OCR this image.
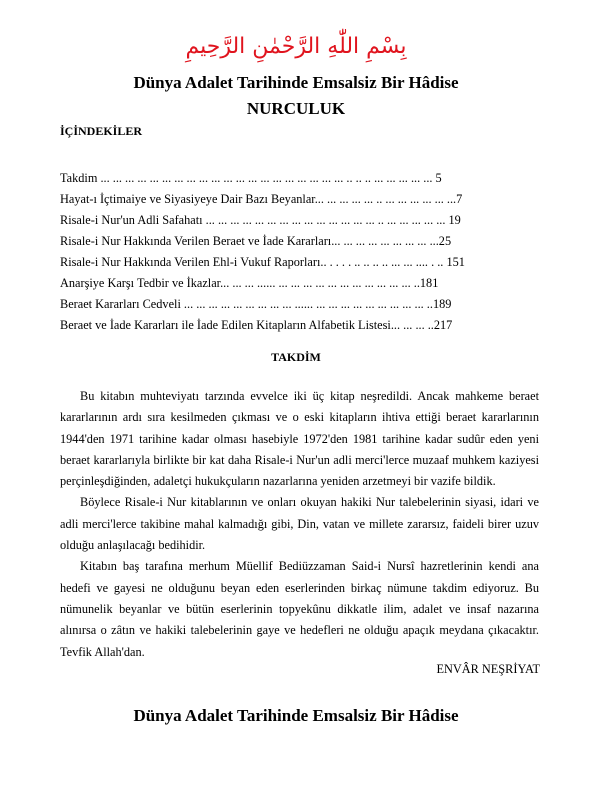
بِسْمِ اللّٰهِ الرَّحْمٰنِ الرَّحِيمِ
Dünya Adalet Tarihinde Emsalsiz Bir Hâdise
NURCULUK
İÇİNDEKİLER
Takdim ... ... ... ... ... ... ... ... ... ... ... ... ... ... ... ... ... ... ... ... .. .. .. ... ... ... ... ... 5
Hayat-ı İçtimaiye ve Siyasiyeye Dair Bazı Beyanlar... ... ... ... ... .. ... ... ... ... ... ...7
Risale-i Nur'un Adli Safahatı ... ... ... ... ... ... ... ... ... ... ... ... ... ... .. ... ... ... ... ... 19
Risale-i Nur Hakkında Verilen Beraet ve İade Kararları... ... ... ... ... ... ... ... ...25
Risale-i Nur Hakkında Verilen Ehl-i Vukuf Raporları.. . . . . .. .. .. .. ... ... .... . .. 151
Anarşiye Karşı Tedbir ve İkazlar... ... ... ...... ... ... ... ... ... ... ... ... ... ... ... ..181
Beraet Kararları Cedveli ... ... ... ... ... ... ... ... ... ...... ... ... ... ... ... ... ... ... ... ..189
Beraet ve İade Kararları ile İade Edilen Kitapların Alfabetik Listesi... ... ... ..217
TAKDİM

Bu kitabın muhteviyatı tarzında evvelce iki üç kitap neşredildi. Ancak mahkeme beraet kararlarının ardı sıra kesilmeden çıkması ve o eski kitapların ihtiva ettiği beraet kararlarının 1944'den 1971 tarihine kadar olması hasebiyle 1972'den 1981 tarihine kadar sudûr eden yeni beraet kararlarıyla birlikte bir kat daha Risale-i Nur'un adli merci'lerce muzaaf muhkem kaziyesi perçinleşdiğinden, adaletçi hukukçuların nazarlarına yeniden arzetmeyi bir vazife bildik.

Böylece Risale-i Nur kitablarının ve onları okuyan hakiki Nur talebelerinin siyasi, idari ve adli merci'lerce takibine mahal kalmadığı gibi, Din, vatan ve millete zararsız, faideli birer uzuv olduğu anlaşılacağı bedihidir.

Kitabın baş tarafına merhum Müellif Bediüzzaman Said-i Nursî hazretlerinin kendi ana hedefi ve gayesi ne olduğunu beyan eden eserlerinden birkaç nümune takdim ediyoruz. Bu nümunelik beyanlar ve bütün eserlerinin topyekûnu dikkatle ilim, adalet ve insaf nazarına alınırsa o zâtın ve hakiki talebelerinin gaye ve hedefleri ne olduğu apaçık meydana çıkacaktır. Tevfik Allah'dan.

ENVÂR NEŞRİYAT
Dünya Adalet Tarihinde Emsalsiz Bir Hâdise
